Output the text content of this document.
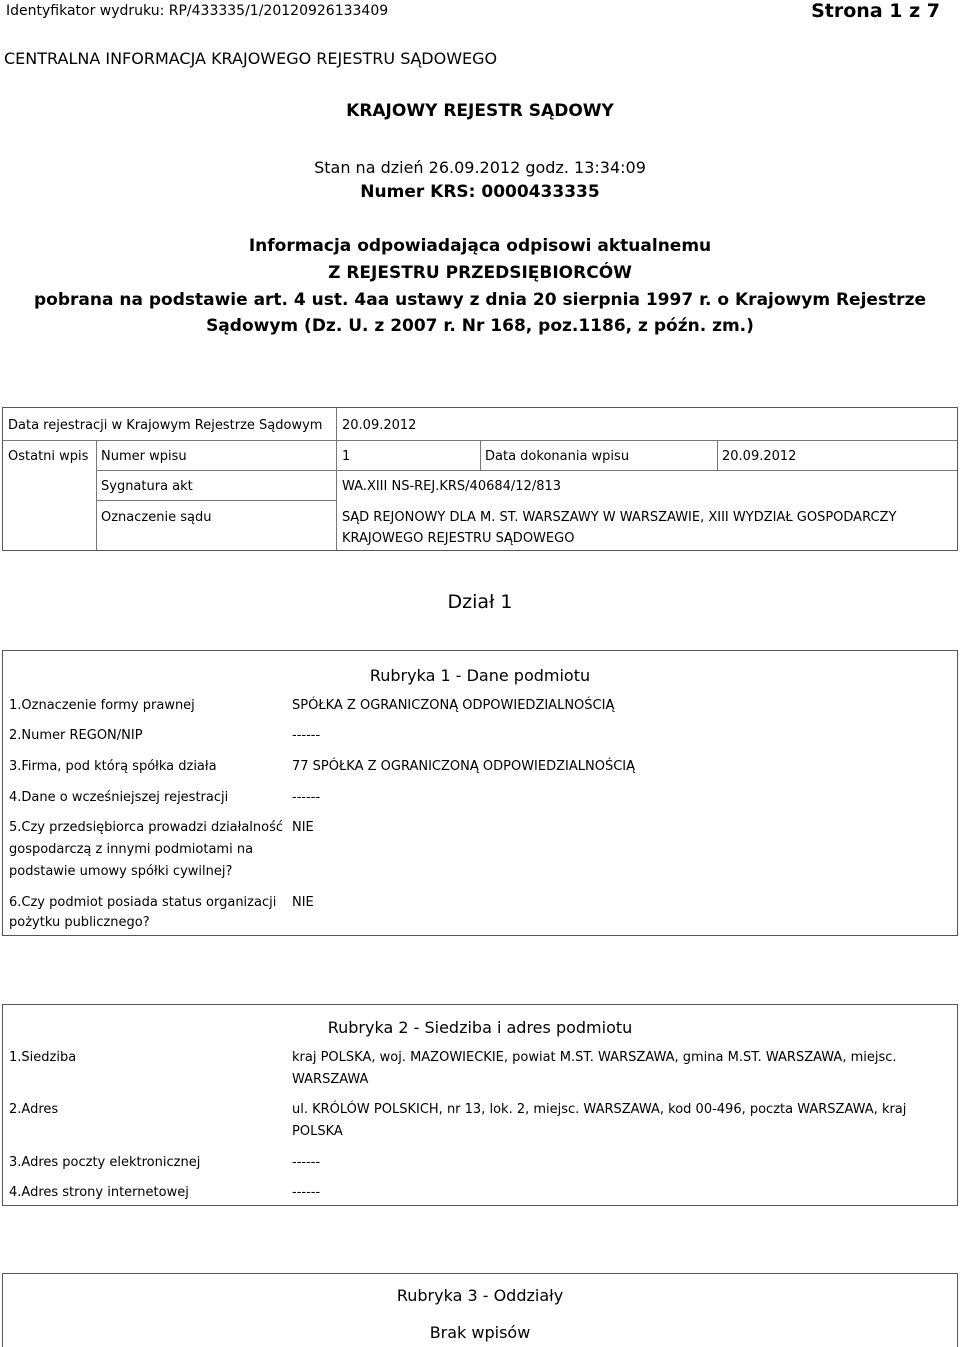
Identyfikator wydruku: RP/433335/1/20120926133409	Strona 1 z 7
CENTRALNA INFORMACJA KRAJOWEGO REJESTRU SĄDOWEGO
KRAJOWY REJESTR SĄDOWY
Stan na dzień 26.09.2012 godz. 13:34:09
Numer KRS: 0000433335
Informacja odpowiadająca odpisowi aktualnemu
Z REJESTRU PRZEDSIĘBIORCÓW
pobrana na podstawie art. 4 ust. 4aa ustawy z dnia 20 sierpnia 1997 r. o Krajowym Rejestrze
Sądowym (Dz. U. z 2007 r. Nr 168, poz.1186, z późn. zm.)
Data rejestracji w Krajowym Rejestrze Sądowym 20.09.2012
Ostatni wpis Numer wpisu	1	Data dokonania wpisu	20.09.2012
Sygnatura akt	WA.XIII NS-REJ.KRS/40684/12/813
Oznaczenie sądu	SĄD REJONOWY DLA M. ST. WARSZAWY W WARSZAWIE, XIII WYDZIAŁ GOSPODARCZY
KRAJOWEGO REJESTRU SĄDOWEGO
Dział 1
Rubryka 1 - Dane podmiotu
1.Oznaczenie formy prawnej	SPÓŁKA Z OGRANICZONĄ ODPOWIEDZIALNOŚCIĄ
2.Numer REGON/NIP	------
3.Firma, pod którą spółka działa	77 SPÓŁKA Z OGRANICZONĄ ODPOWIEDZIALNOŚCIĄ
4.Dane o wcześniejszej rejestracji	------
5.Czy przedsiębiorca prowadzi działalność
gospodarczą z innymi podmiotami na
podstawie umowy spółki cywilnej?
NIE
6.Czy podmiot posiada status organizacji
pożytku publicznego?
NIE
Rubryka 2 - Siedziba i adres podmiotu
1.Siedziba	kraj POLSKA, woj. MAZOWIECKIE, powiat M.ST. WARSZAWA, gmina M.ST. WARSZAWA, miejsc.
WARSZAWA
2.Adres	ul. KRÓLÓW POLSKICH, nr 13, lok. 2, miejsc. WARSZAWA, kod 00-496, poczta WARSZAWA, kraj
POLSKA
3.Adres poczty elektronicznej	------
4.Adres strony internetowej	------
Rubryka 3 - Oddziały
Brak wpisów
